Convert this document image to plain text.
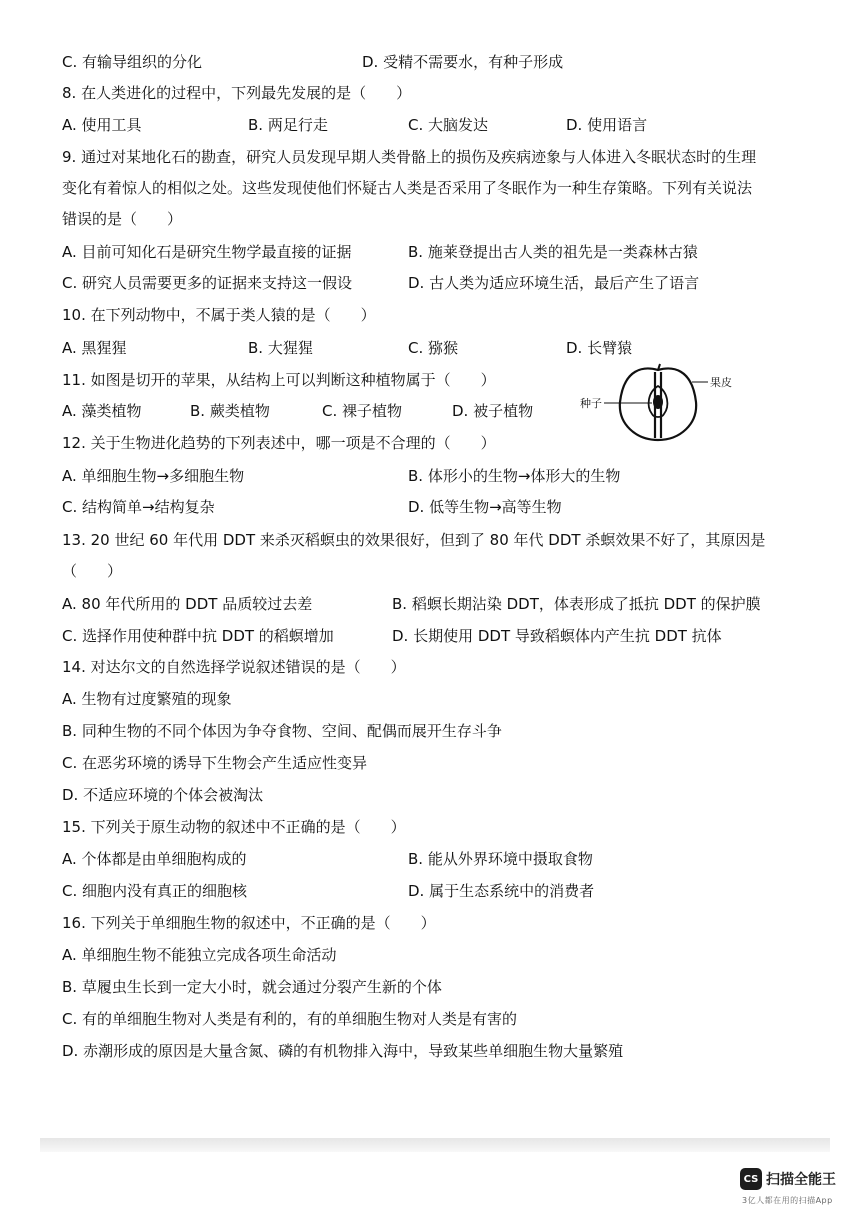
C. 有输导组织的分化	D. 受精不需要水，有种子形成
8. 在人类进化的过程中，下列最先发展的是（　　）
A. 使用工具	B. 两足行走	C. 大脑发达	D. 使用语言
9. 通过对某地化石的勘查，研究人员发现早期人类骨骼上的损伤及疾病迹象与人体进入冬眠状态时的生理
变化有着惊人的相似之处。这些发现使他们怀疑古人类是否采用了冬眠作为一种生存策略。下列有关说法
错误的是（　　）
A. 目前可知化石是研究生物学最直接的证据	B. 施莱登提出古人类的祖先是一类森林古猿
C. 研究人员需要更多的证据来支持这一假设	D. 古人类为适应环境生活，最后产生了语言
10. 在下列动物中，不属于类人猿的是（　　）
A. 黑猩猩	B. 大猩猩	C. 猕猴	D. 长臂猿
11. 如图是切开的苹果，从结构上可以判断这种植物属于（　　）
A. 藻类植物	B. 蕨类植物	C. 裸子植物	D. 被子植物	种子
果皮
12. 关于生物进化趋势的下列表述中，哪一项是不合理的（　　）
A. 单细胞生物→多细胞生物	B. 体形小的生物→体形大的生物
C. 结构简单→结构复杂	D. 低等生物→高等生物
13. 20 世纪 60 年代用 DDT 来杀灭稻螟虫的效果很好，但到了 80 年代 DDT 杀螟效果不好了，其原因是
（　　）
A. 80 年代所用的 DDT 品质较过去差	B. 稻螟长期沾染 DDT，体表形成了抵抗 DDT 的保护膜
C. 选择作用使种群中抗 DDT 的稻螟增加	D. 长期使用 DDT 导致稻螟体内产生抗 DDT 抗体
14. 对达尔文的自然选择学说叙述错误的是（　　）
A. 生物有过度繁殖的现象
B. 同种生物的不同个体因为争夺食物、空间、配偶而展开生存斗争
C. 在恶劣环境的诱导下生物会产生适应性变异
D. 不适应环境的个体会被淘汰
15. 下列关于原生动物的叙述中不正确的是（　　）
A. 个体都是由单细胞构成的	B. 能从外界环境中摄取食物
C. 细胞内没有真正的细胞核	D. 属于生态系统中的消费者
16. 下列关于单细胞生物的叙述中，不正确的是（　　）
A. 单细胞生物不能独立完成各项生命活动
B. 草履虫生长到一定大小时，就会通过分裂产生新的个体
C. 有的单细胞生物对人类是有利的，有的单细胞生物对人类是有害的
D. 赤潮形成的原因是大量含氮、磷的有机物排入海中，导致某些单细胞生物大量繁殖
CS 扫描全能王
3亿人都在用的扫描App
